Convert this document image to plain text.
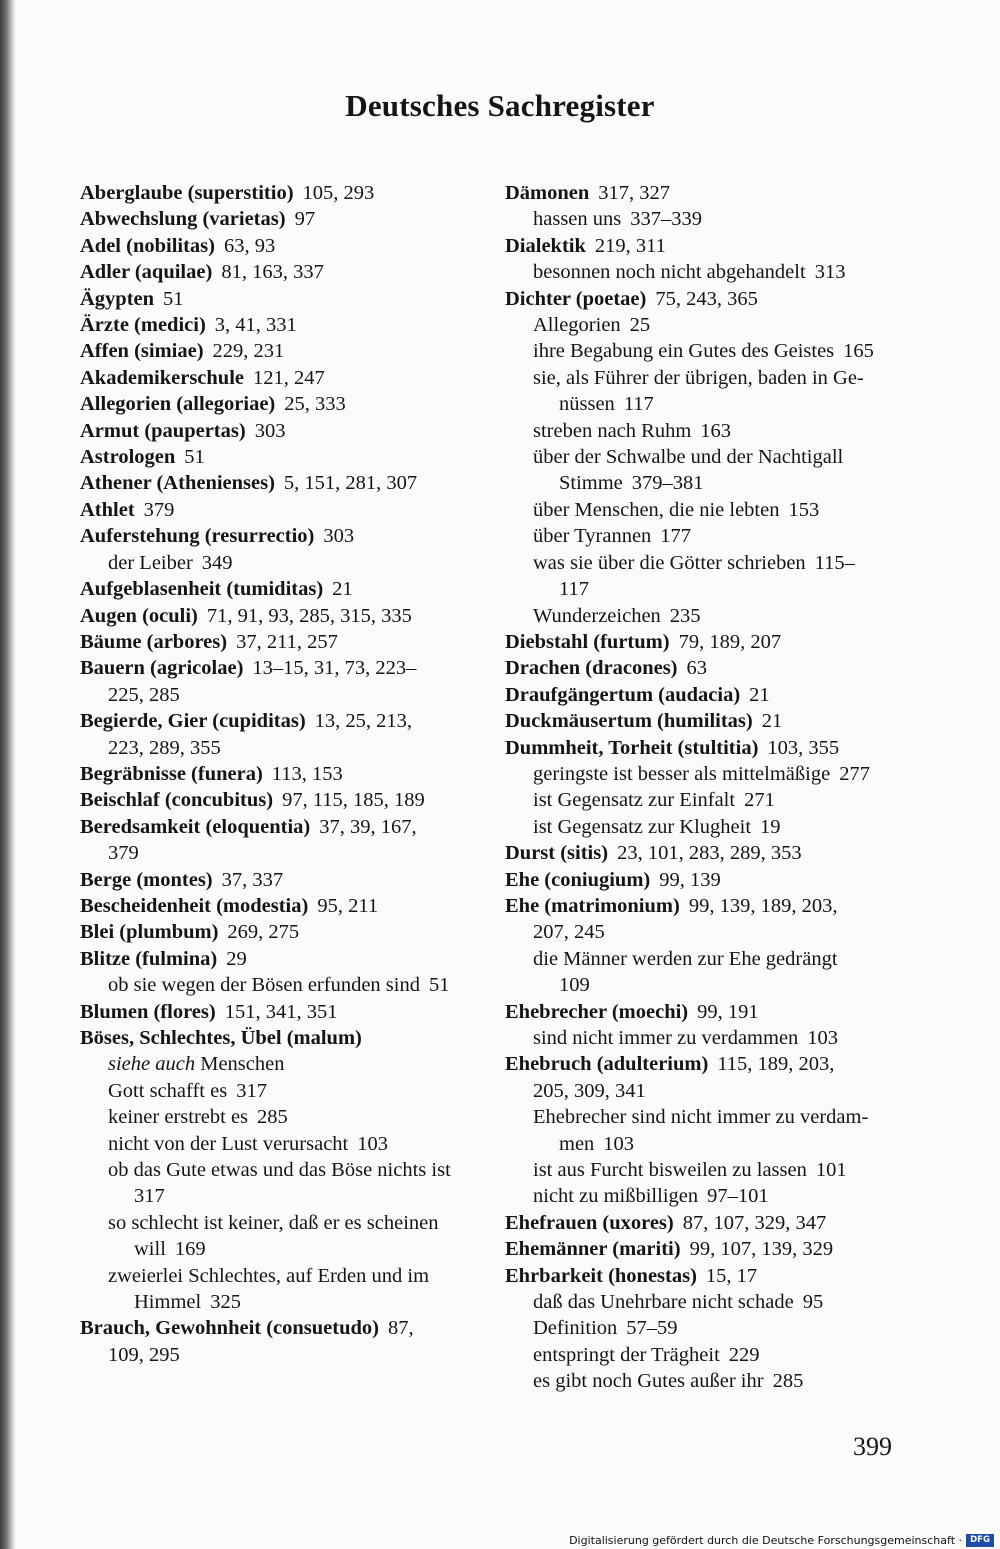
Deutsches Sachregister
Aberglaube (superstitio) 105, 293
Abwechslung (varietas) 97
Adel (nobilitas) 63, 93
Adler (aquilae) 81, 163, 337
Ägypten 51
Ärzte (medici) 3, 41, 331
Affen (simiae) 229, 231
Akademikerschule 121, 247
Allegorien (allegoriae) 25, 333
Armut (paupertas) 303
Astrologen 51
Athener (Athenienses) 5, 151, 281, 307
Athlet 379
Auferstehung (resurrectio) 303
der Leiber 349
Aufgeblasenheit (tumiditas) 21
Augen (oculi) 71, 91, 93, 285, 315, 335
Bäume (arbores) 37, 211, 257
Bauern (agricolae) 13–15, 31, 73, 223–
225, 285
Begierde, Gier (cupiditas) 13, 25, 213,
223, 289, 355
Begräbnisse (funera) 113, 153
Beischlaf (concubitus) 97, 115, 185, 189
Beredsamkeit (eloquentia) 37, 39, 167,
379
Berge (montes) 37, 337
Bescheidenheit (modestia) 95, 211
Blei (plumbum) 269, 275
Blitze (fulmina) 29
ob sie wegen der Bösen erfunden sind 51
Blumen (flores) 151, 341, 351
Böses, Schlechtes, Übel (malum)
siehe auch Menschen
Gott schafft es 317
keiner erstrebt es 285
nicht von der Lust verursacht 103
ob das Gute etwas und das Böse nichts ist
317
so schlecht ist keiner, daß er es scheinen
will 169
zweierlei Schlechtes, auf Erden und im
Himmel 325
Brauch, Gewohnheit (consuetudo) 87,
109, 295
Dämonen 317, 327
hassen uns 337–339
Dialektik 219, 311
besonnen noch nicht abgehandelt 313
Dichter (poetae) 75, 243, 365
Allegorien 25
ihre Begabung ein Gutes des Geistes 165
sie, als Führer der übrigen, baden in Ge-
nüssen 117
streben nach Ruhm 163
über der Schwalbe und der Nachtigall
Stimme 379–381
über Menschen, die nie lebten 153
über Tyrannen 177
was sie über die Götter schrieben 115–
117
Wunderzeichen 235
Diebstahl (furtum) 79, 189, 207
Drachen (dracones) 63
Draufgängertum (audacia) 21
Duckmäusertum (humilitas) 21
Dummheit, Torheit (stultitia) 103, 355
geringste ist besser als mittelmäßige 277
ist Gegensatz zur Einfalt 271
ist Gegensatz zur Klugheit 19
Durst (sitis) 23, 101, 283, 289, 353
Ehe (coniugium) 99, 139
Ehe (matrimonium) 99, 139, 189, 203,
207, 245
die Männer werden zur Ehe gedrängt
109
Ehebrecher (moechi) 99, 191
sind nicht immer zu verdammen 103
Ehebruch (adulterium) 115, 189, 203,
205, 309, 341
Ehebrecher sind nicht immer zu verdam-
men 103
ist aus Furcht bisweilen zu lassen 101
nicht zu mißbilligen 97–101
Ehefrauen (uxores) 87, 107, 329, 347
Ehemänner (mariti) 99, 107, 139, 329
Ehrbarkeit (honestas) 15, 17
daß das Unehrbare nicht schade 95
Definition 57–59
entspringt der Trägheit 229
es gibt noch Gutes außer ihr 285
399
Digitalisierung gefördert durch die Deutsche Forschungsgemeinschaft · DFG
